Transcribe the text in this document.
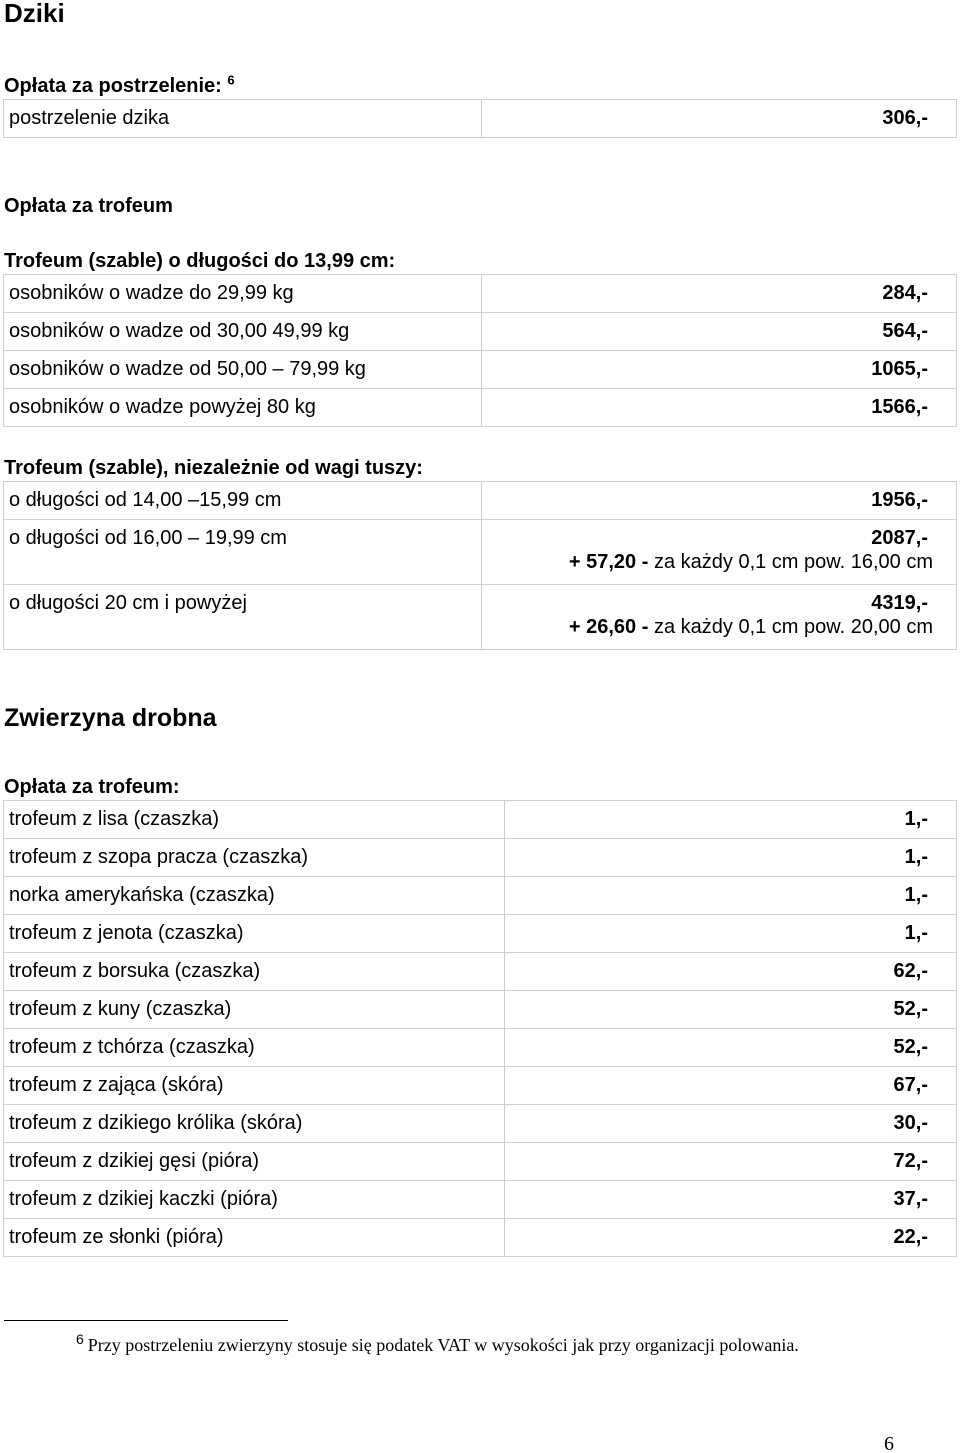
Dziki
Opłata za postrzelenie: $^6$
postrzelenie dzika	306,-
Opłata za trofeum
Trofeum (szable) o długości do 13,99 cm:
osobników o wadze do 29,99 kg	284,-
osobników o wadze od 30,00 49,99 kg	564,-
osobników o wadze od 50,00 – 79,99 kg	1065,-
osobników o wadze powyżej 80 kg	1566,-
Trofeum (szable), niezależnie od wagi tuszy:
o długości od 14,00 –15,99 cm	1956,-

o długości od 16,00 – 19,99 cm	2087,-
+ 57,20 - za każdy 0,1 cm pow. 16,00 cm

o długości 20 cm i powyżej	4319,-
+ 26,60 - za każdy 0,1 cm pow. 20,00 cm
Zwierzyna drobna
Opłata za trofeum:
trofeum z lisa (czaszka)	1,-
trofeum z szopa pracza (czaszka)	1,-
norka amerykańska (czaszka)	1,-
trofeum z jenota (czaszka)	1,-
trofeum z borsuka (czaszka)	62,-
trofeum z kuny (czaszka)	52,-
trofeum z tchórza (czaszka)	52,-
trofeum z zająca (skóra)	67,-
trofeum z dzikiego królika (skóra)	30,-
trofeum z dzikiej gęsi (pióra)	72,-
trofeum z dzikiej kaczki (pióra)	37,-
trofeum ze słonki (pióra)	22,-
$^6$ Przy postrzeleniu zwierzyny stosuje się podatek VAT w wysokości jak przy organizacji polowania.
6
